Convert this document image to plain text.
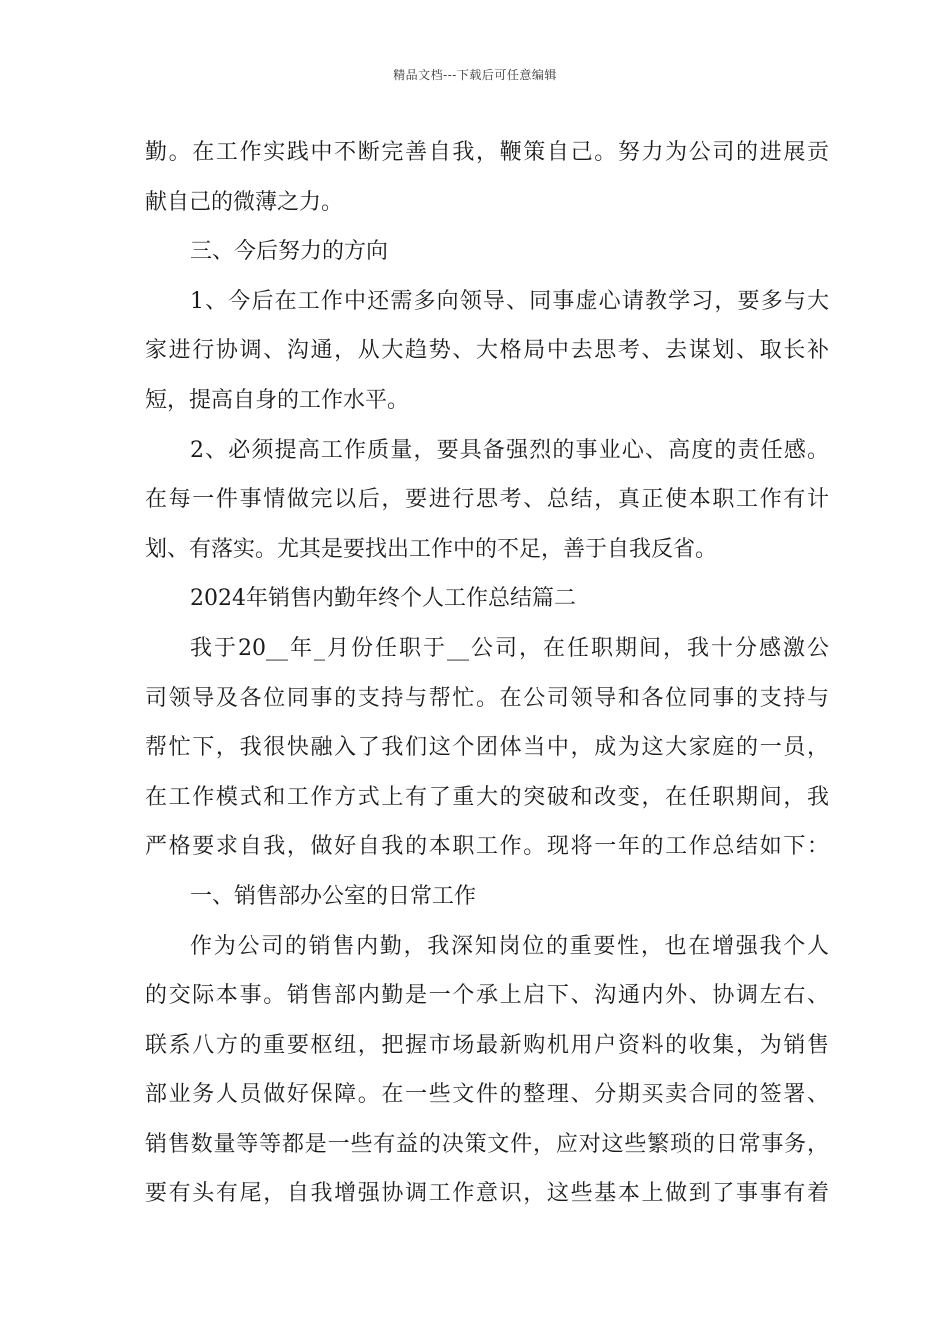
精品文档---下载后可任意编辑
勤。在工作实践中不断完善自我，鞭策自己。努力为公司的进展贡
献自己的微薄之力。
三、今后努力的方向
1、今后在工作中还需多向领导、同事虚心请教学习，要多与大
家进行协调、沟通，从大趋势、大格局中去思考、去谋划、取长补
短，提高自身的工作水平。
2、必须提高工作质量，要具备强烈的事业心、高度的责任感。
在每一件事情做完以后，要进行思考、总结，真正使本职工作有计
划、有落实。尤其是要找出工作中的不足，善于自我反省。
2024年销售内勤年终个人工作总结篇二
我于20__年_月份任职于__公司，在任职期间，我十分感激公
司领导及各位同事的支持与帮忙。在公司领导和各位同事的支持与
帮忙下，我很快融入了我们这个团体当中，成为这大家庭的一员，
在工作模式和工作方式上有了重大的突破和改变，在任职期间，我
严格要求自我，做好自我的本职工作。现将一年的工作总结如下：
一、销售部办公室的日常工作
作为公司的销售内勤，我深知岗位的重要性，也在增强我个人
的交际本事。销售部内勤是一个承上启下、沟通内外、协调左右、
联系八方的重要枢纽，把握市场最新购机用户资料的收集，为销售
部业务人员做好保障。在一些文件的整理、分期买卖合同的签署、
销售数量等等都是一些有益的决策文件，应对这些繁琐的日常事务，
要有头有尾，自我增强协调工作意识，这些基本上做到了事事有着
